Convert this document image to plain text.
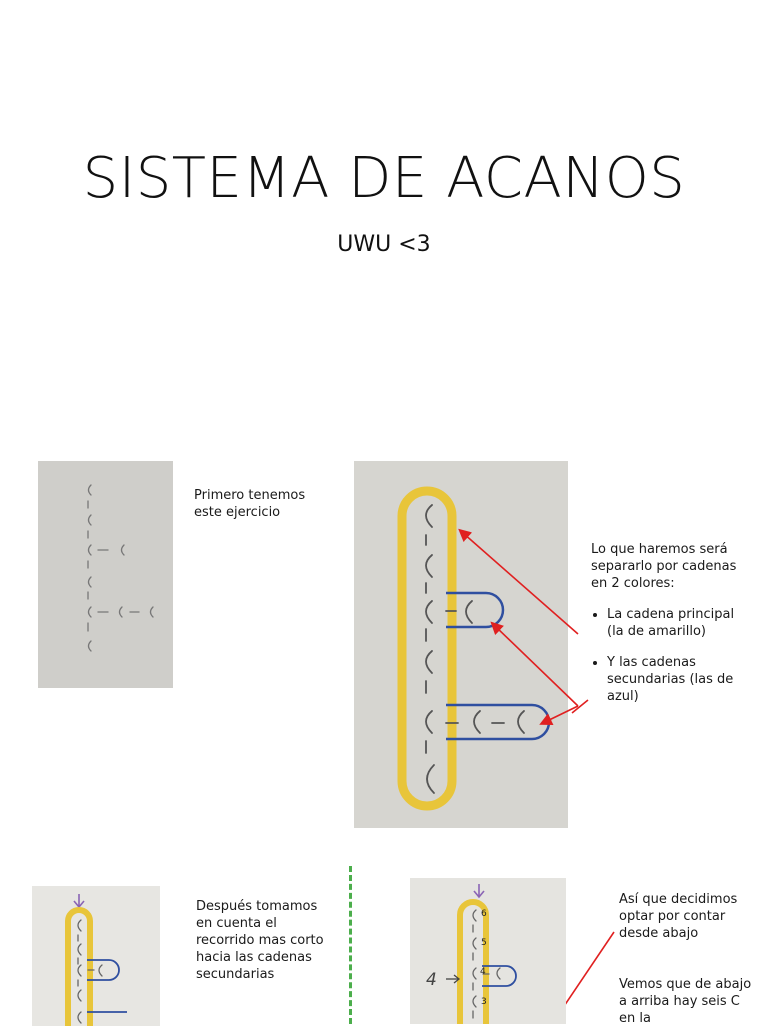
SISTEMA DE ACANOS
UWU <3
Primero tenemos este ejercicio
Lo que haremos será separarlo por cadenas en 2 colores:
• La cadena principal (la de amarillo)
• Y las cadenas secundarias (las de azul)
Después tomamos en cuenta el recorrido mas corto hacia las cadenas secundarias	4
6
5
4
3
Así que decidimos optar por contar desde abajo
Vemos que de abajo a arriba hay seis C en la
